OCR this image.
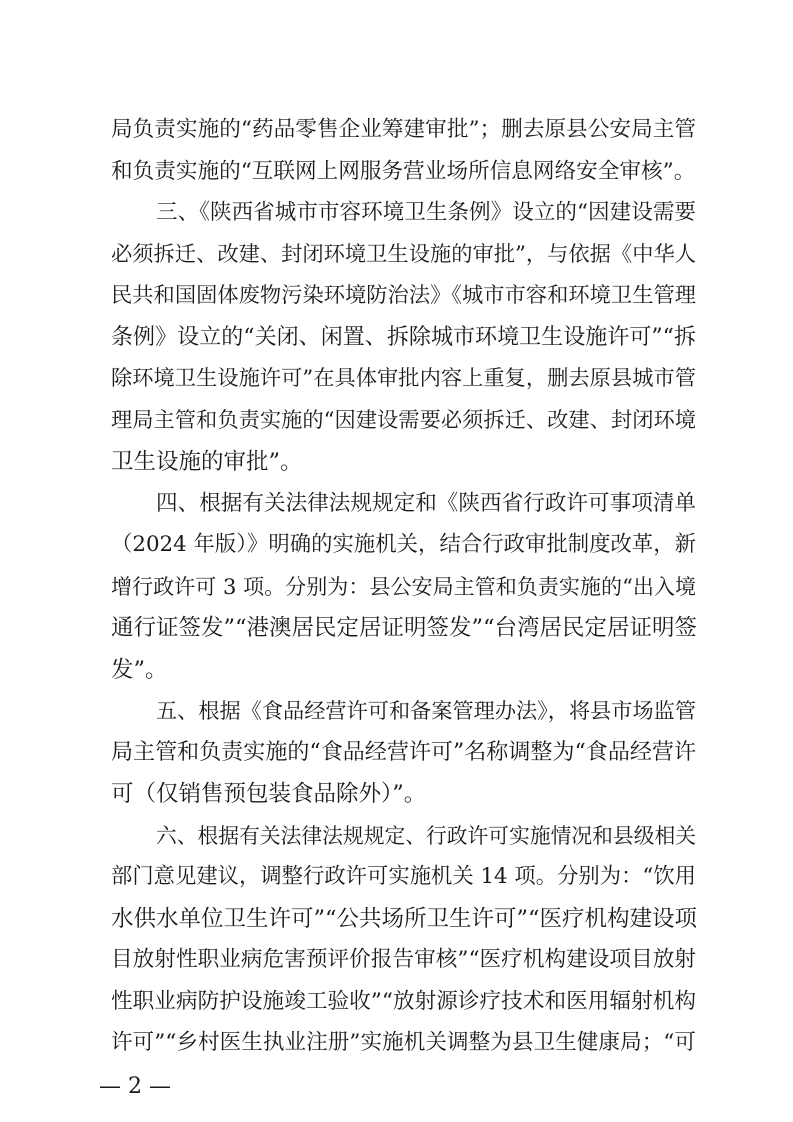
局负责实施的“药品零售企业筹建审批”；删去原县公安局主管
和负责实施的“互联网上网服务营业场所信息网络安全审核”。
三、《陕西省城市市容环境卫生条例》设立的“因建设需要
必须拆迁、改建、封闭环境卫生设施的审批”，与依据《中华人
民共和国固体废物污染环境防治法》《城市市容和环境卫生管理
条例》设立的“关闭、闲置、拆除城市环境卫生设施许可”“拆
除环境卫生设施许可”在具体审批内容上重复，删去原县城市管
理局主管和负责实施的“因建设需要必须拆迁、改建、封闭环境
卫生设施的审批”。
四、根据有关法律法规规定和《陕西省行政许可事项清单
（2024 年版）》明确的实施机关，结合行政审批制度改革，新
增行政许可 3 项。分别为：县公安局主管和负责实施的“出入境
通行证签发”“港澳居民定居证明签发”“台湾居民定居证明签
发”。
五、根据《食品经营许可和备案管理办法》，将县市场监管
局主管和负责实施的“食品经营许可”名称调整为“食品经营许
可（仅销售预包装食品除外）”。
六、根据有关法律法规规定、行政许可实施情况和县级相关
部门意见建议，调整行政许可实施机关 14 项。分别为：“饮用
水供水单位卫生许可”“公共场所卫生许可”“医疗机构建设项
目放射性职业病危害预评价报告审核”“医疗机构建设项目放射
性职业病防护设施竣工验收”“放射源诊疗技术和医用辐射机构
许可”“乡村医生执业注册”实施机关调整为县卫生健康局；“可
— 2 —
